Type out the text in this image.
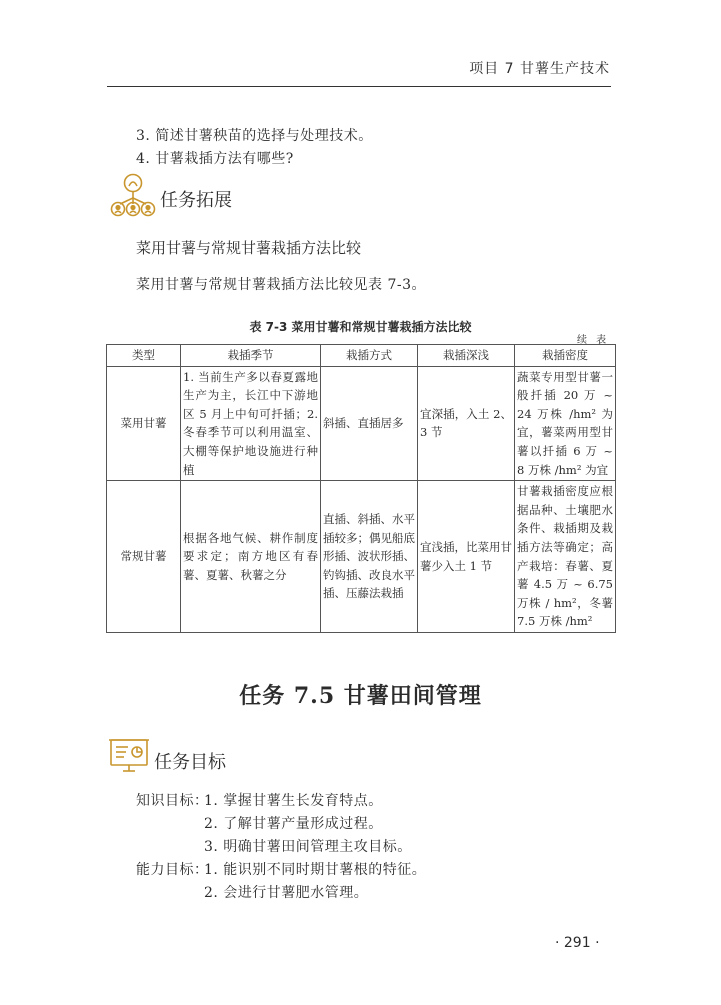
项目 7 甘薯生产技术
3. 简述甘薯秧苗的选择与处理技术。
4. 甘薯栽插方法有哪些?
任务拓展
菜用甘薯与常规甘薯栽插方法比较
菜用甘薯与常规甘薯栽插方法比较见表 7-3。
表 7-3 菜用甘薯和常规甘薯栽插方法比较
续 表
类型	栽插季节	栽插方式	栽插深浅	栽插密度
菜用甘薯	1. 当前生产多以春夏露地生产为主，长江中下游地区 5 月上中旬可扦插；2. 冬春季节可以利用温室、大棚等保护地设施进行种植	斜插、直插居多	宜深插，入土 2、3 节	蔬菜专用型甘薯一般扦插 20 万 ~ 24 万株 /hm² 为宜，薯菜两用型甘薯以扦插 6 万 ~ 8 万株 /hm² 为宜
常规甘薯	根据各地气候、耕作制度要求定；南方地区有春薯、夏薯、秋薯之分	直插、斜插、水平插较多；偶见船底形插、波状形插、钓钩插、改良水平插、压藤法栽插	宜浅插，比菜用甘薯少入土 1 节	甘薯栽插密度应根据品种、土壤肥水条件、栽插期及栽插方法等确定；高产栽培：春薯、夏薯 4.5 万 ~ 6.75 万株 / hm²，冬薯 7.5 万株 /hm²
任务 7.5 甘薯田间管理
任务目标
知识目标：
1. 掌握甘薯生长发育特点。
2. 了解甘薯产量形成过程。
3. 明确甘薯田间管理主攻目标。
能力目标：
1. 能识别不同时期甘薯根的特征。
2. 会进行甘薯肥水管理。
· 291 ·
